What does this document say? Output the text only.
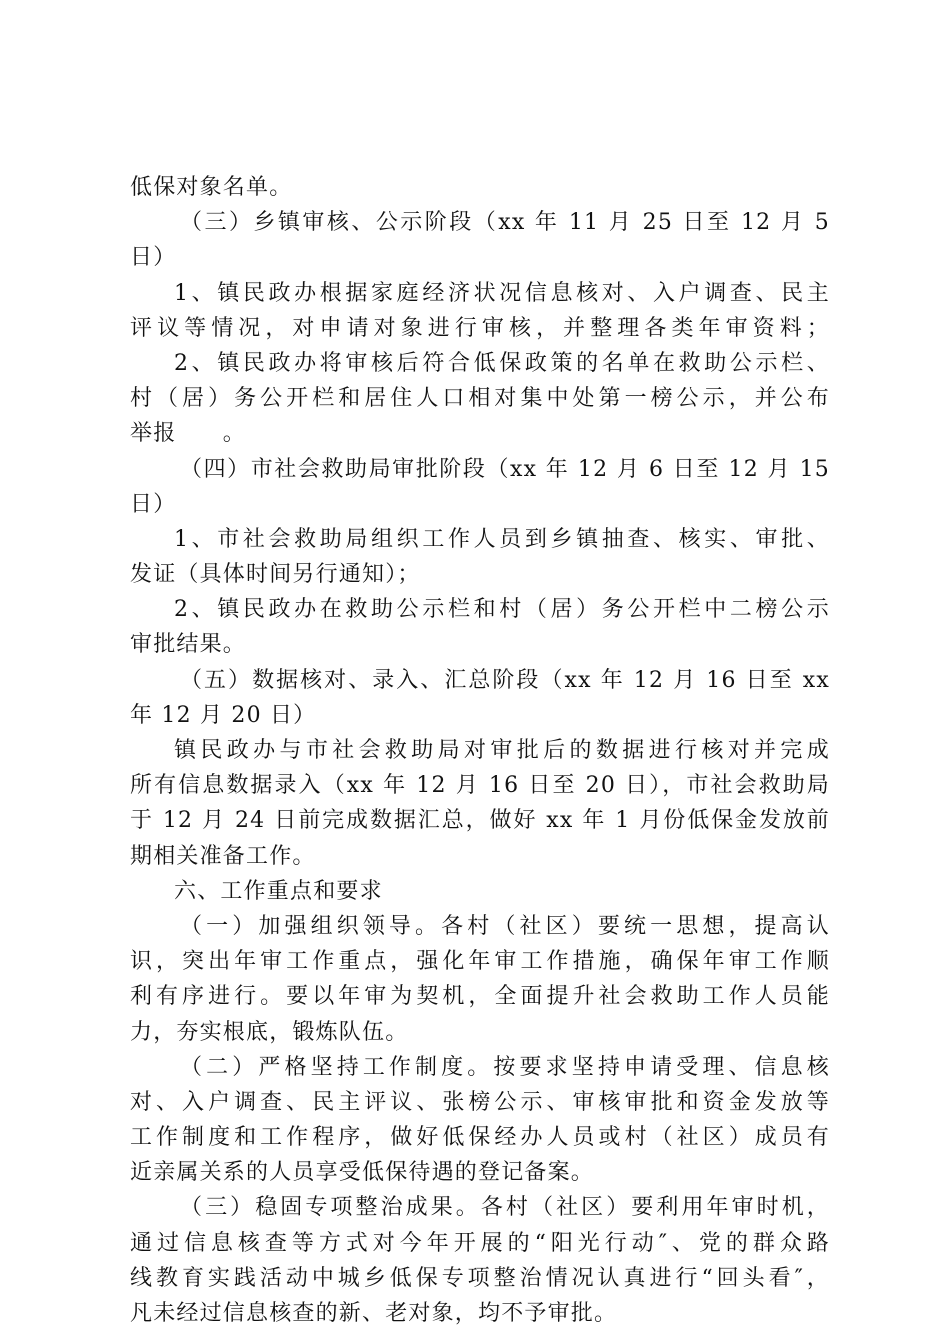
低保对象名单。
（三）乡镇审核、公示阶段（xx 年 11 月 25 日至 12 月 5
日）
1、镇民政办根据家庭经济状况信息核对、入户调查、民主
评议等情况，对申请对象进行审核，并整理各类年审资料；
2、镇民政办将审核后符合低保政策的名单在救助公示栏、
村（居）务公开栏和居住人口相对集中处第一榜公示，并公布
举报　　。
（四）市社会救助局审批阶段（xx 年 12 月 6 日至 12 月 15
日）
1、市社会救助局组织工作人员到乡镇抽查、核实、审批、
发证（具体时间另行通知）；
2、镇民政办在救助公示栏和村（居）务公开栏中二榜公示
审批结果。
（五）数据核对、录入、汇总阶段（xx 年 12 月 16 日至 xx
年 12 月 20 日）
镇民政办与市社会救助局对审批后的数据进行核对并完成
所有信息数据录入（xx 年 12 月 16 日至 20 日），市社会救助局
于 12 月 24 日前完成数据汇总，做好 xx 年 1 月份低保金发放前
期相关准备工作。
六、工作重点和要求
（一）加强组织领导。各村（社区）要统一思想，提高认
识，突出年审工作重点，强化年审工作措施，确保年审工作顺
利有序进行。要以年审为契机，全面提升社会救助工作人员能
力，夯实根底，锻炼队伍。
（二）严格坚持工作制度。按要求坚持申请受理、信息核
对、入户调查、民主评议、张榜公示、审核审批和资金发放等
工作制度和工作程序，做好低保经办人员或村（社区）成员有
近亲属关系的人员享受低保待遇的登记备案。
（三）稳固专项整治成果。各村（社区）要利用年审时机，
通过信息核查等方式对今年开展的“阳光行动″、党的群众路
线教育实践活动中城乡低保专项整治情况认真进行“回头看″，
凡未经过信息核查的新、老对象，均不予审批。
